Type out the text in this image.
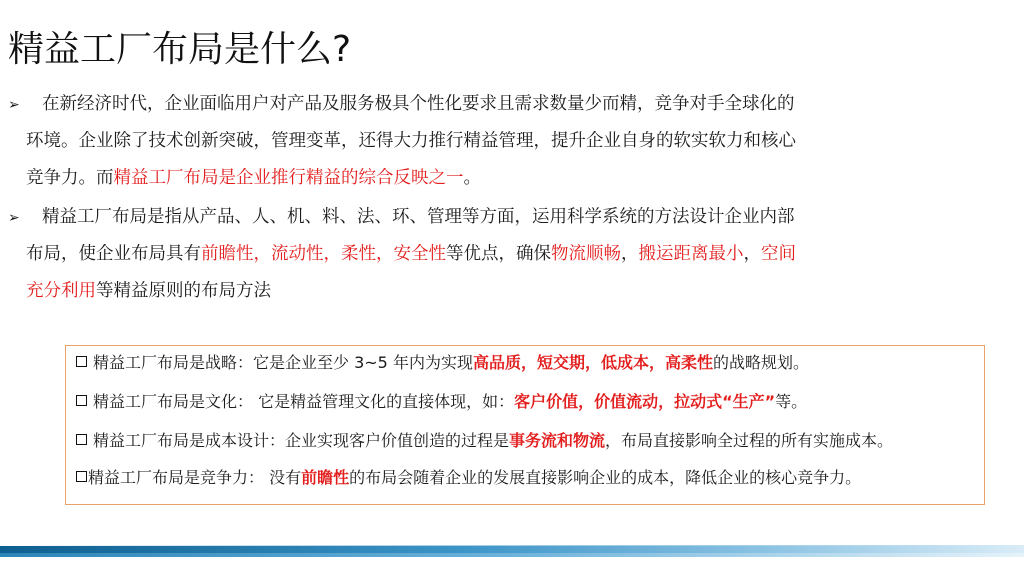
精益工厂布局是什么?
➢ 在新经济时代，企业面临用户对产品及服务极具个性化要求且需求数量少而精，竞争对手全球化的
环境。企业除了技术创新突破，管理变革，还得大力推行精益管理，提升企业自身的软实软力和核心
竞争力。而精益工厂布局是企业推行精益的综合反映之一。
➢ 精益工厂布局是指从产品、人、机、料、法、环、管理等方面，运用科学系统的方法设计企业内部
布局，使企业布局具有前瞻性，流动性，柔性，安全性等优点，确保物流顺畅，搬运距离最小，空间
充分利用等精益原则的布局方法
精益工厂布局是战略：它是企业至少 3~5 年内为实现高品质，短交期，低成本，高柔性的战略规划。
精益工厂布局是文化： 它是精益管理文化的直接体现，如：客户价值，价值流动，拉动式“生产”等。
精益工厂布局是成本设计：企业实现客户价值创造的过程是事务流和物流，布局直接影响全过程的所有实施成本。
精益工厂布局是竞争力： 没有前瞻性的布局会随着企业的发展直接影响企业的成本，降低企业的核心竞争力。
